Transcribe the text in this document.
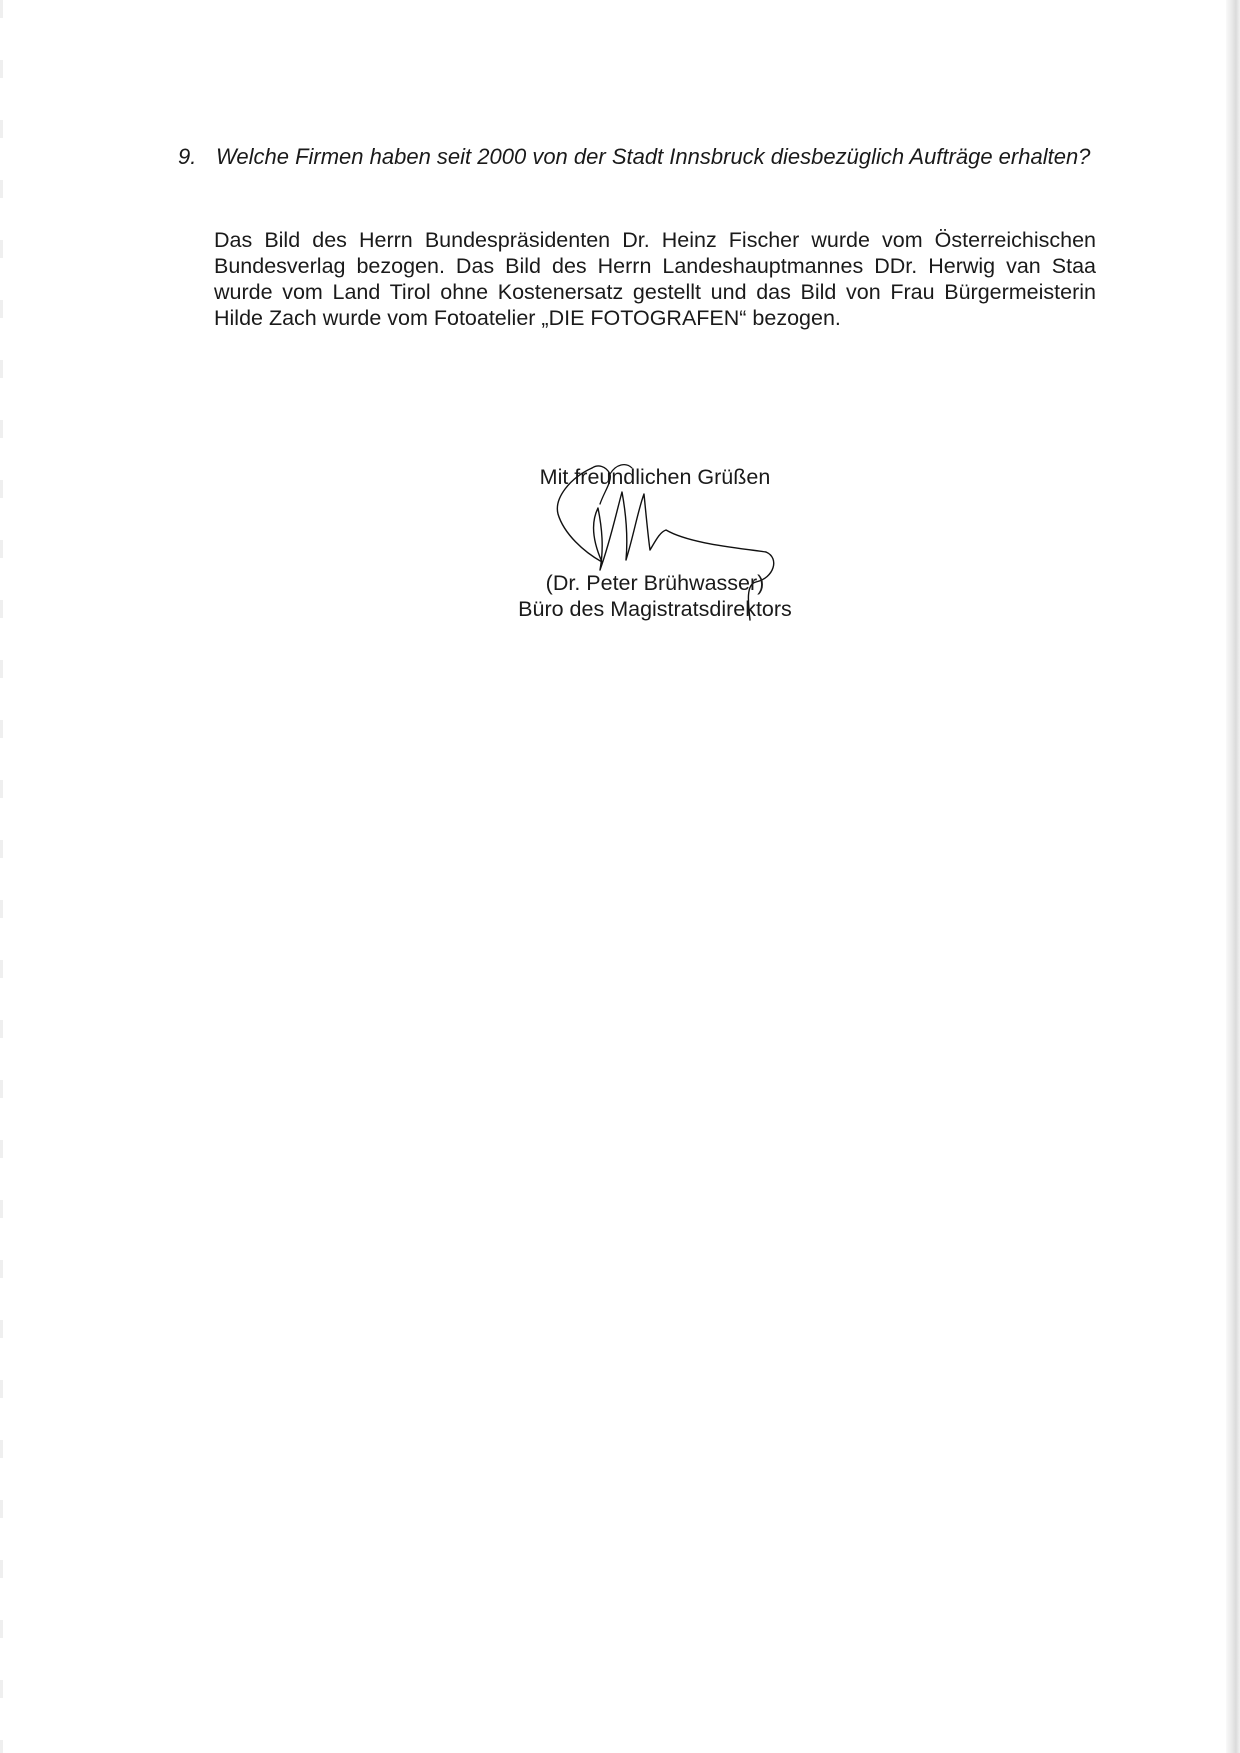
9. Welche Firmen haben seit 2000 von der Stadt Innsbruck diesbezüglich Aufträge erhalten?
Das Bild des Herrn Bundespräsidenten Dr. Heinz Fischer wurde vom Österreichischen Bundesverlag bezogen. Das Bild des Herrn Landeshauptmannes DDr. Herwig van Staa wurde vom Land Tirol ohne Kostenersatz gestellt und das Bild von Frau Bürgermeisterin Hilde Zach wurde vom Fotoatelier „DIE FOTOGRAFEN“ bezogen.
Mit freundlichen Grüßen
(Dr. Peter Brühwasser)
Büro des Magistratsdirektors
